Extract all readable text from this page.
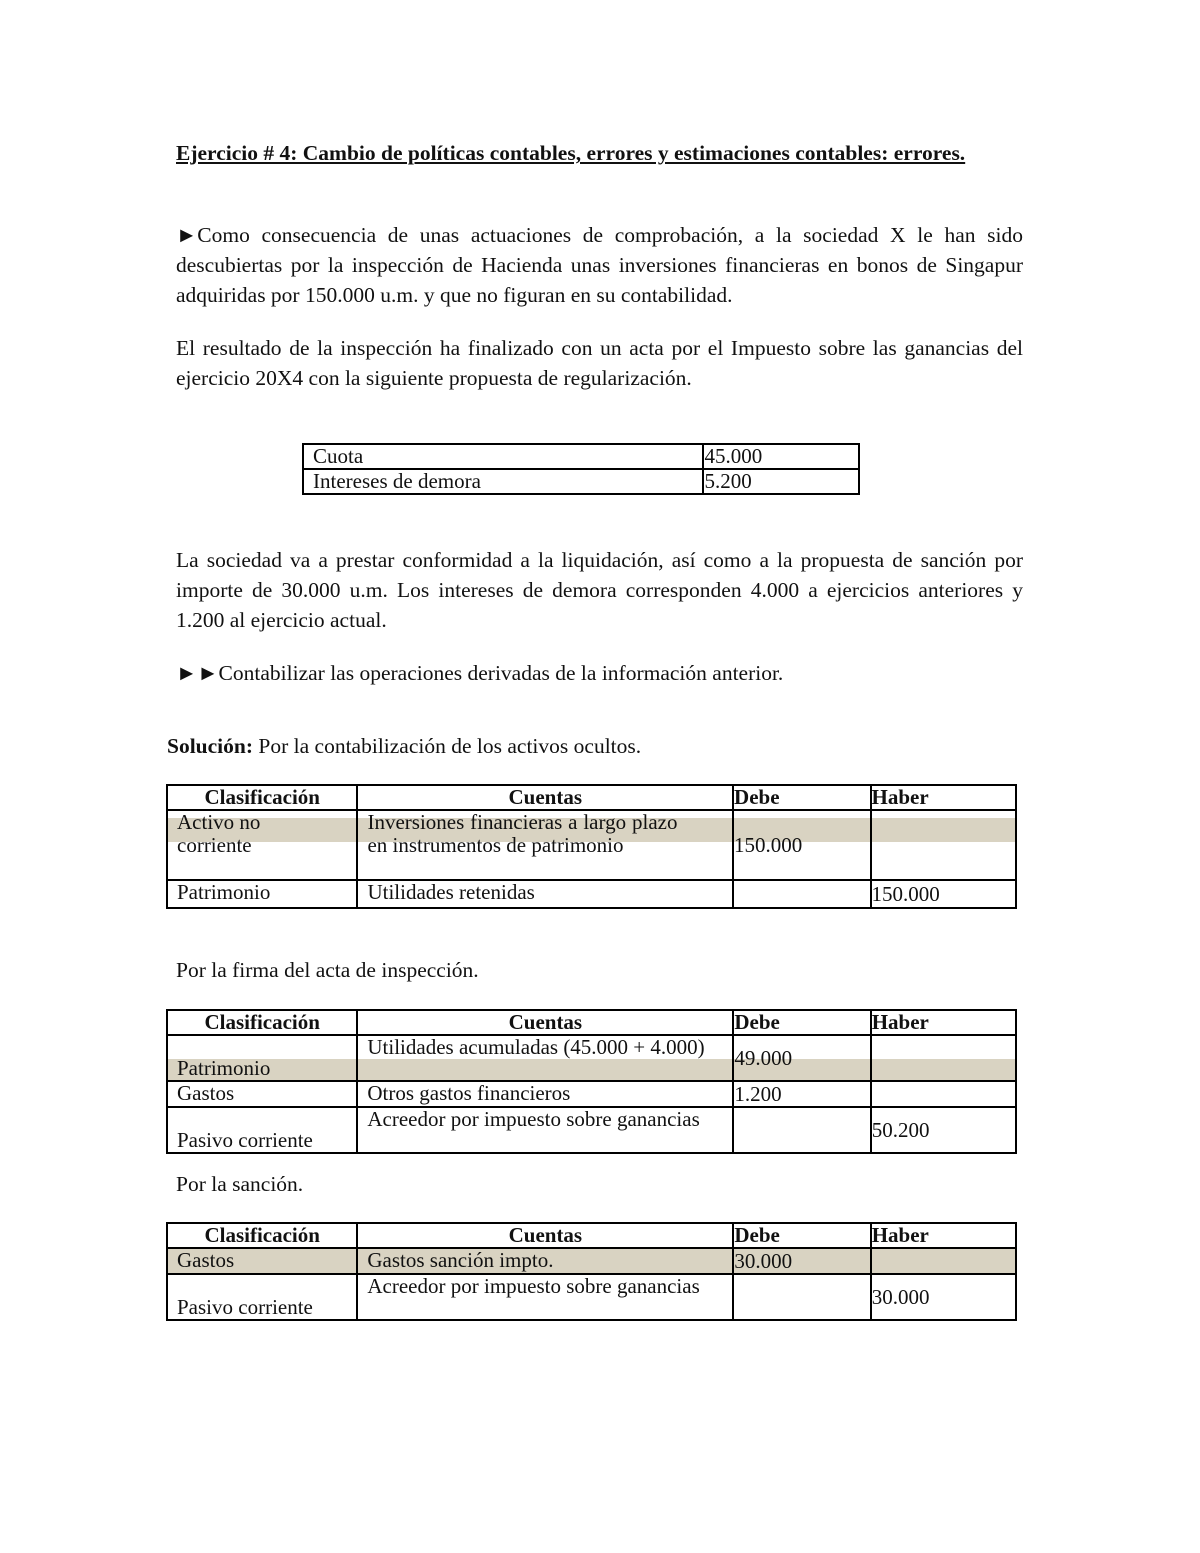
Ejercicio # 4: Cambio de políticas contables, errores y estimaciones contables: errores.
►Como consecuencia de unas actuaciones de comprobación, a la sociedad X le han sido descubiertas por la inspección de Hacienda unas inversiones financieras en bonos de Singapur adquiridas por 150.000 u.m. y que no figuran en su contabilidad.
El resultado de la inspección ha finalizado con un acta por el Impuesto sobre las ganancias del ejercicio 20X4 con la siguiente propuesta de regularización.
Cuota	45.000
Intereses de demora	5.200
La sociedad va a prestar conformidad a la liquidación, así como a la propuesta de sanción por importe de 30.000 u.m. Los intereses de demora corresponden 4.000 a ejercicios anteriores y 1.200 al ejercicio actual.
►►Contabilizar las operaciones derivadas de la información anterior.
Solución: Por la contabilización de los activos ocultos.
Clasificación	Cuentas	Debe	Haber

Activo no corriente	Inversiones financieras a largo plazo en instrumentos de patrimonio	150.000	
Patrimonio	Utilidades retenidas		150.000
Por la firma del acta de inspección.
Clasificación	Cuentas	Debe	Haber
Patrimonio	Utilidades acumuladas (45.000 + 4.000)	49.000	
Gastos	Otros gastos financieros	1.200	
Pasivo corriente	Acreedor por impuesto sobre ganancias		50.200
Por la sanción.
Clasificación	Cuentas	Debe	Haber
Gastos	Gastos sanción impto.	30.000	
Pasivo corriente	Acreedor por impuesto sobre ganancias		30.000
